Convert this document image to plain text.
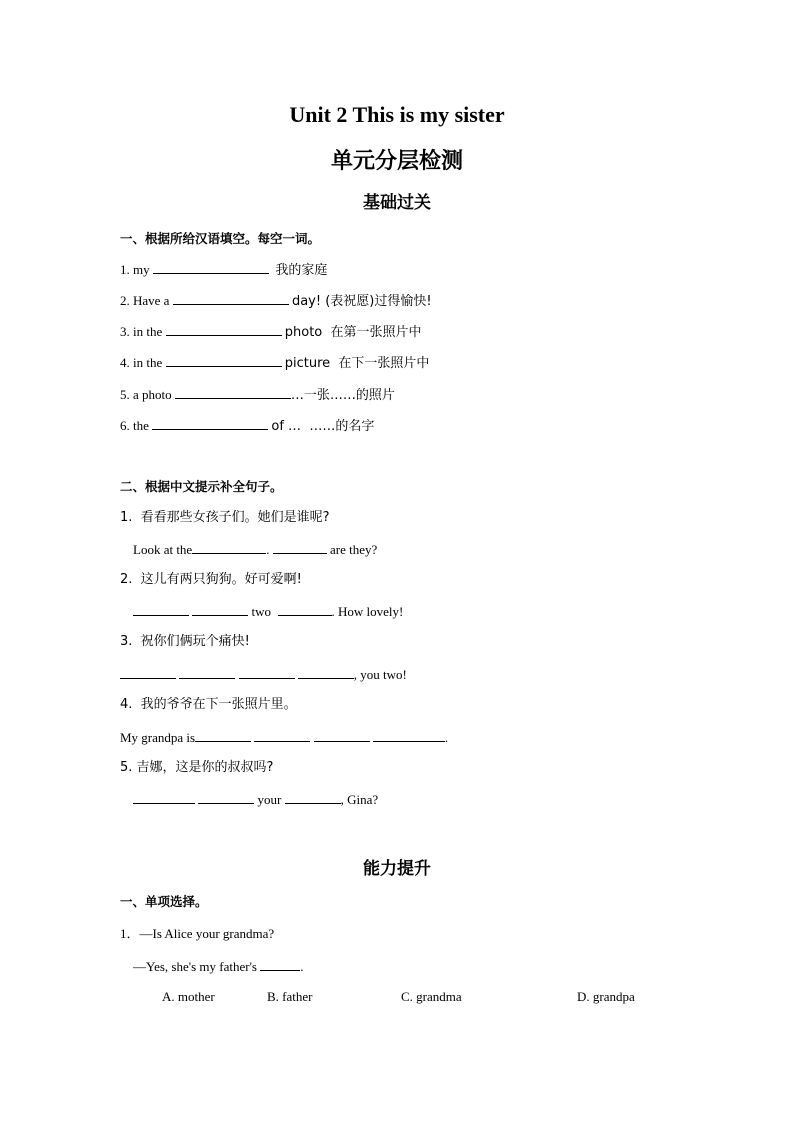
Unit 2 This is my sister
单元分层检测
基础过关
一、根据所给汉语填空。每空一词。
1. my	我的家庭
2. Have a	day! (表祝愿)过得愉快!
3. in the	photo  在第一张照片中
4. in the	picture  在下一张照片中
5. a photo	…一张……的照片
6. the	of …  ……的名字
二、根据中文提示补全句子。
1.  看看那些女孩子们。她们是谁呢?
Look at the	.	are they?
2.  这儿有两只狗狗。好可爱啊!
two	. How lovely!
3.  祝你们俩玩个痛快!
, you two!
4.  我的爷爷在下一张照片里。
My grandpa is	.
5. 吉娜，这是你的叔叔吗?
your	, Gina?
能力提升
一、单项选择。
1．—Is Alice your grandma?
—Yes, she's my father's	.
A. mother	B. father	C. grandma	D. grandpa
